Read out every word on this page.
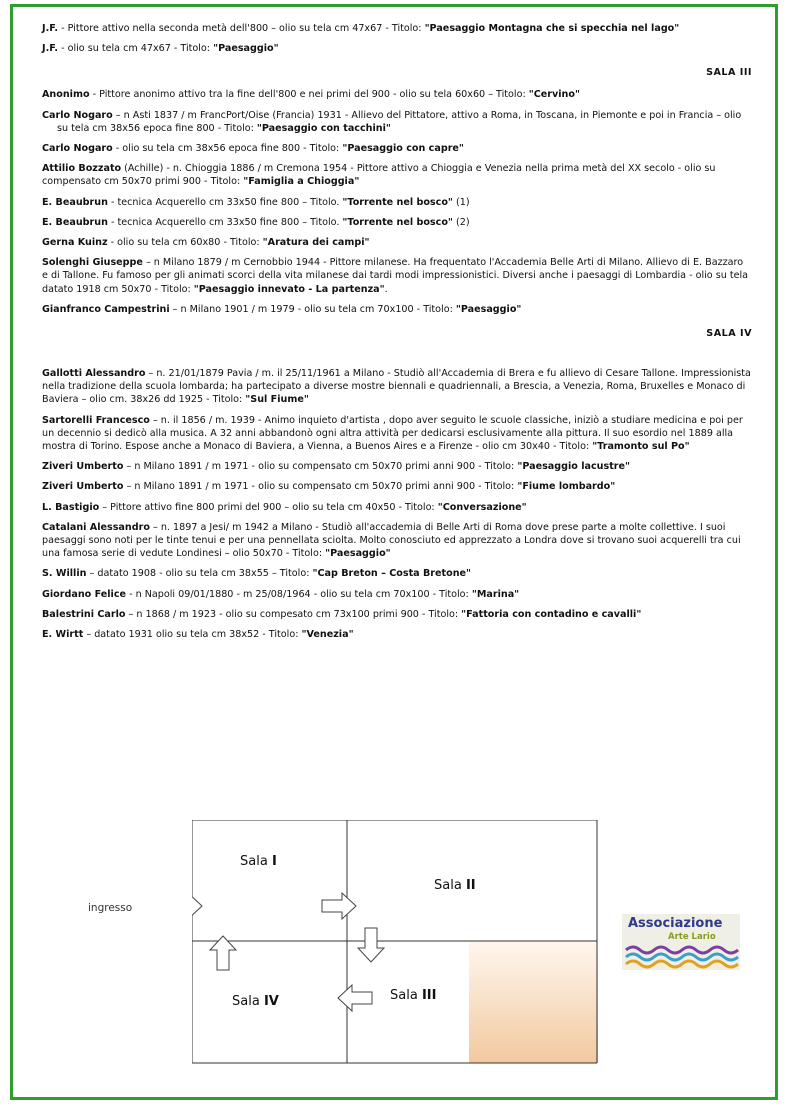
J.F. - Pittore attivo nella seconda metà dell'800 – olio su tela cm 47x67 - Titolo: "Paesaggio Montagna che si specchia nel lago"
J.F. - olio su tela cm 47x67 - Titolo: "Paesaggio"
SALA III
Anonimo - Pittore anonimo attivo tra la fine dell'800 e nei primi del 900 - olio su tela 60x60 – Titolo: "Cervino"
Carlo Nogaro – n Asti 1837 / m FrancPort/Oise (Francia) 1931 - Allievo del Pittatore, attivo a Roma, in Toscana, in Piemonte e poi in Francia – olio su tela cm 38x56 epoca fine 800 - Titolo: "Paesaggio con tacchini"
Carlo Nogaro - olio su tela cm 38x56 epoca fine 800 - Titolo: "Paesaggio con capre"
Attilio Bozzato (Achille) - n. Chioggia 1886 / m Cremona 1954 - Pittore attivo a Chioggia e Venezia nella prima metà del XX secolo - olio su compensato cm 50x70 primi 900 - Titolo: "Famiglia a Chioggia"
E. Beaubrun - tecnica Acquerello cm 33x50 fine 800 – Titolo. "Torrente nel bosco" (1)
E. Beaubrun - tecnica Acquerello cm 33x50 fine 800 – Titolo. "Torrente nel bosco" (2)
Gerna Kuinz - olio su tela cm 60x80 - Titolo: "Aratura dei campi"
Solenghi Giuseppe – n Milano 1879 / m Cernobbio 1944 - Pittore milanese. Ha frequentato l'Accademia Belle Arti di Milano. Allievo di E. Bazzaro e di Tallone. Fu famoso per gli animati scorci della vita milanese dai tardi modi impressionistici. Diversi anche i paesaggi di Lombardia - olio su tela datato 1918 cm 50x70 - Titolo: "Paesaggio innevato - La partenza".
Gianfranco Campestrini – n Milano 1901 / m 1979 - olio su tela cm 70x100 - Titolo: "Paesaggio"
SALA IV
Gallotti Alessandro – n. 21/01/1879 Pavia / m. il 25/11/1961 a Milano - Studiò all'Accademia di Brera e fu allievo di Cesare Tallone. Impressionista nella tradizione della scuola lombarda; ha partecipato a diverse mostre biennali e quadriennali, a Brescia, a Venezia, Roma, Bruxelles e Monaco di Baviera – olio cm. 38x26 dd 1925 - Titolo: "Sul Fiume"
Sartorelli Francesco – n. il 1856 / m. 1939 - Animo inquieto d'artista , dopo aver seguito le scuole classiche, iniziò a studiare medicina e poi per un decennio si dedicò alla musica. A 32 anni abbandonò ogni altra attività per dedicarsi esclusivamente alla pittura. Il suo esordio nel 1889 alla mostra di Torino. Espose anche a Monaco di Baviera, a Vienna, a Buenos Aires e a Firenze - olio cm 30x40 - Titolo: "Tramonto sul Po"
Ziveri Umberto – n Milano 1891 / m 1971 - olio su compensato cm 50x70 primi anni 900 - Titolo: "Paesaggio lacustre"
Ziveri Umberto – n Milano 1891 / m 1971 - olio su compensato cm 50x70 primi anni 900 - Titolo: "Fiume lombardo"
L. Bastigio – Pittore attivo fine 800 primi del 900 – olio su tela cm 40x50 - Titolo: "Conversazione"
Catalani Alessandro – n. 1897 a Jesi/ m 1942 a Milano - Studiò all'accademia di Belle Arti di Roma dove prese parte a molte collettive. I suoi paesaggi sono noti per le tinte tenui e per una pennellata sciolta. Molto conosciuto ed apprezzato a Londra dove si trovano suoi acquerelli tra cui una famosa serie di vedute Londinesi – olio 50x70 - Titolo: "Paesaggio"
S. Willin – datato 1908 - olio su tela cm 38x55 – Titolo: "Cap Breton – Costa Bretone"
Giordano Felice - n Napoli 09/01/1880 - m 25/08/1964 - olio su tela cm 70x100 - Titolo: "Marina"
Balestrini Carlo – n 1868 / m 1923 - olio su compesato cm 73x100 primi 900 - Titolo: "Fattoria con contadino e cavalli"
E. Wirtt – datato 1931 olio su tela cm 38x52 - Titolo: "Venezia"
ingresso
Sala I
Sala II
Sala III
Sala IV
Associazione
Arte Lario
